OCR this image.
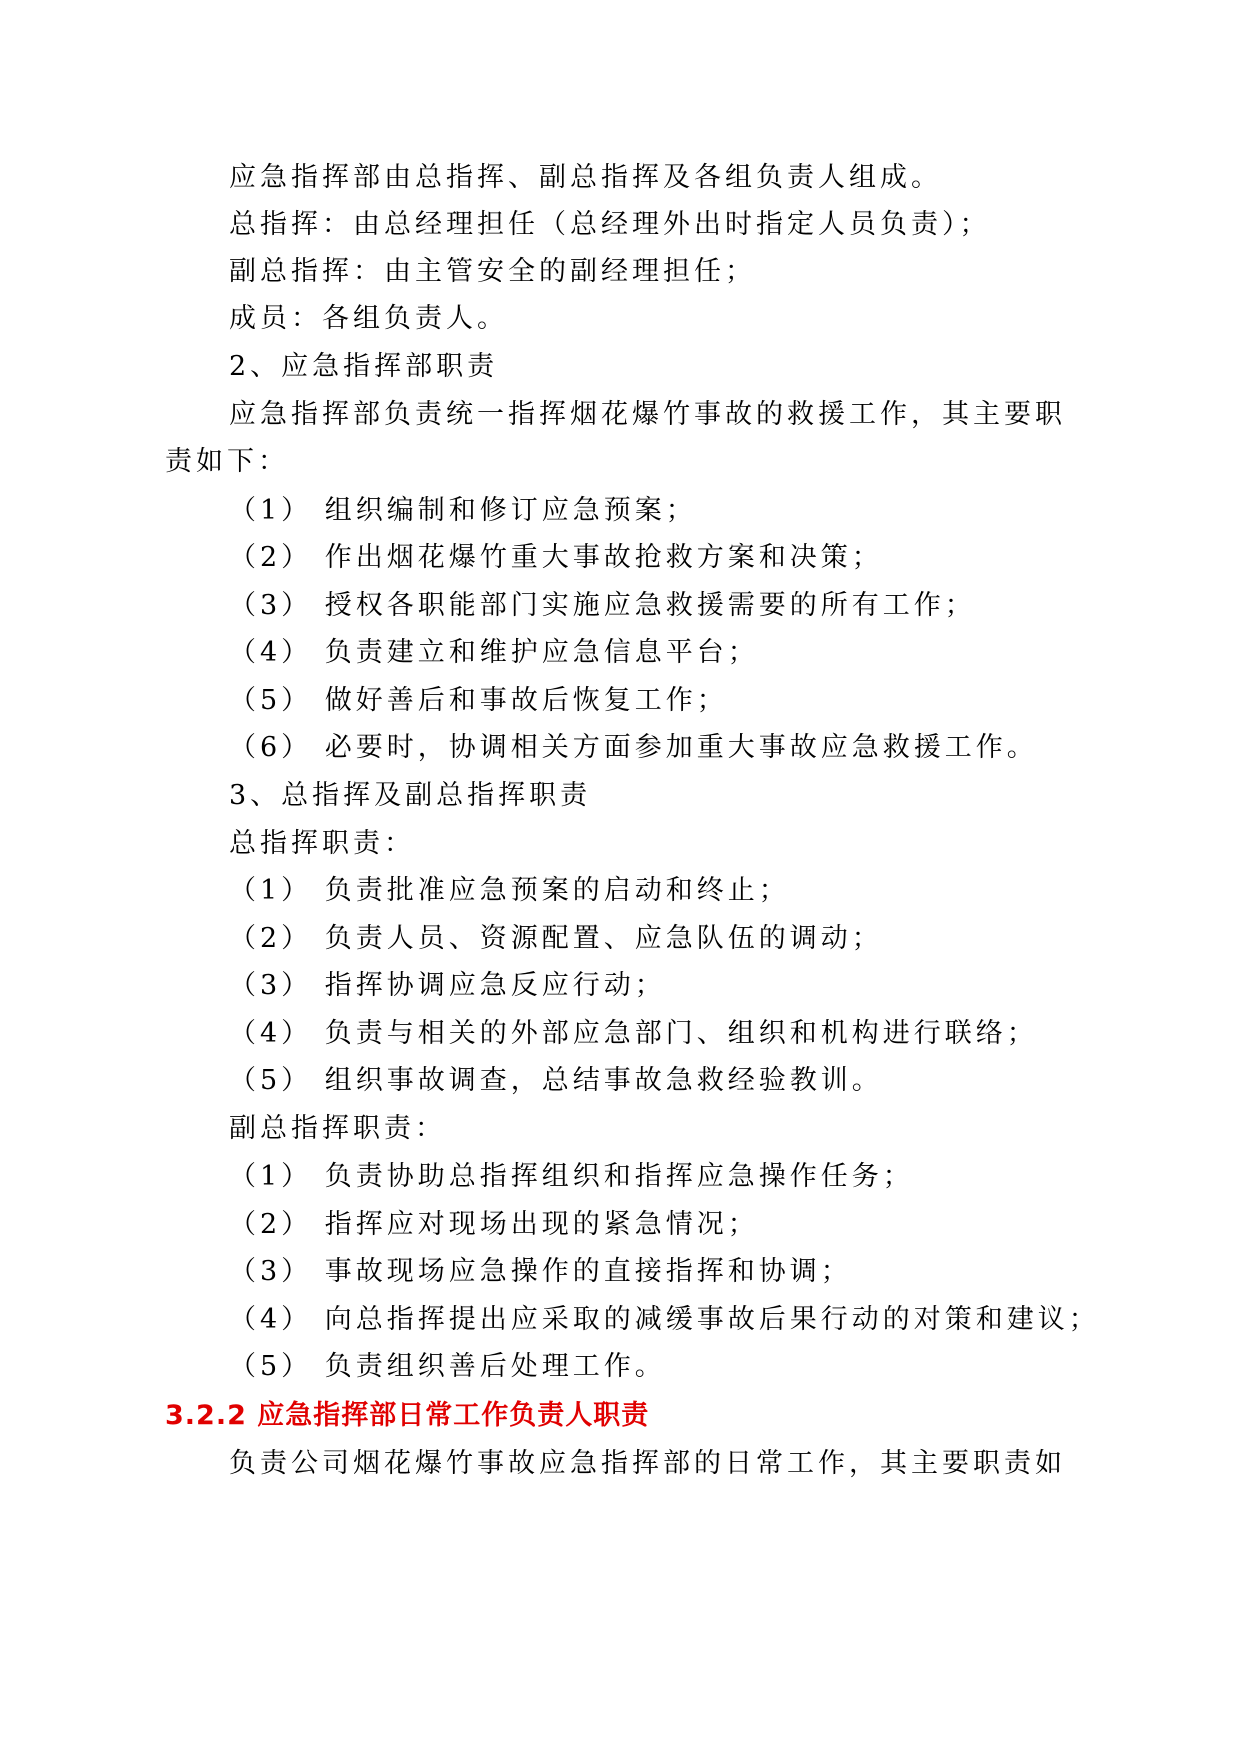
应急指挥部由总指挥、副总指挥及各组负责人组成。
总指挥：由总经理担任（总经理外出时指定人员负责）；
副总指挥：由主管安全的副经理担任；
成员：各组负责人。
2、应急指挥部职责
应急指挥部负责统一指挥烟花爆竹事故的救援工作，其主要职
责如下：
（1） 组织编制和修订应急预案；
（2） 作出烟花爆竹重大事故抢救方案和决策；
（3） 授权各职能部门实施应急救援需要的所有工作；
（4） 负责建立和维护应急信息平台；
（5） 做好善后和事故后恢复工作；
（6） 必要时，协调相关方面参加重大事故应急救援工作。
3、总指挥及副总指挥职责
总指挥职责：
（1） 负责批准应急预案的启动和终止；
（2） 负责人员、资源配置、应急队伍的调动；
（3） 指挥协调应急反应行动；
（4） 负责与相关的外部应急部门、组织和机构进行联络；
（5） 组织事故调查，总结事故急救经验教训。
副总指挥职责：
（1） 负责协助总指挥组织和指挥应急操作任务；
（2） 指挥应对现场出现的紧急情况；
（3） 事故现场应急操作的直接指挥和协调；
（4） 向总指挥提出应采取的减缓事故后果行动的对策和建议；
（5） 负责组织善后处理工作。
3.2.2 应急指挥部日常工作负责人职责
负责公司烟花爆竹事故应急指挥部的日常工作，其主要职责如
